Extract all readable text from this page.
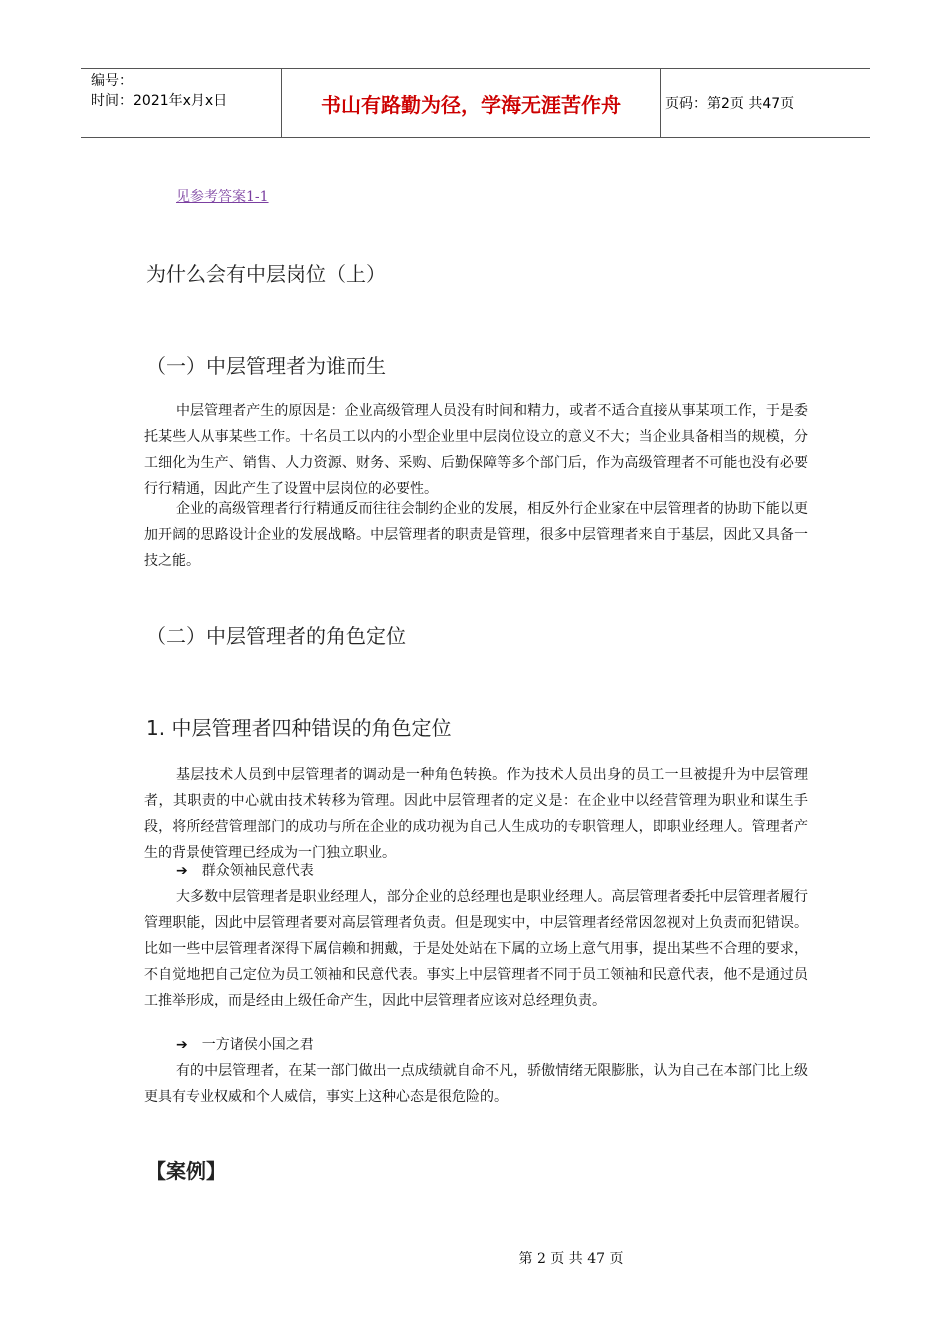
编号：
时间：2021年x月x日	书山有路勤为径，学海无涯苦作舟	页码：第2页 共47页
见参考答案1-1
为什么会有中层岗位（上）
（一）中层管理者为谁而生

中层管理者产生的原因是：企业高级管理人员没有时间和精力，或者不适合直接从事某项工作，于是委托某些人从事某些工作。十名员工以内的小型企业里中层岗位设立的意义不大；当企业具备相当的规模，分工细化为生产、销售、人力资源、财务、采购、后勤保障等多个部门后，作为高级管理者不可能也没有必要行行精通，因此产生了设置中层岗位的必要性。

企业的高级管理者行行精通反而往往会制约企业的发展，相反外行企业家在中层管理者的协助下能以更加开阔的思路设计企业的发展战略。中层管理者的职责是管理，很多中层管理者来自于基层，因此又具备一技之能。

（二）中层管理者的角色定位
1. 中层管理者四种错误的角色定位

基层技术人员到中层管理者的调动是一种角色转换。作为技术人员出身的员工一旦被提升为中层管理者，其职责的中心就由技术转移为管理。因此中层管理者的定义是：在企业中以经营管理为职业和谋生手段，将所经营管理部门的成功与所在企业的成功视为自己人生成功的专职管理人，即职业经理人。管理者产生的背景使管理已经成为一门独立职业。

➔ 群众领袖民意代表

大多数中层管理者是职业经理人，部分企业的总经理也是职业经理人。高层管理者委托中层管理者履行管理职能，因此中层管理者要对高层管理者负责。但是现实中，中层管理者经常因忽视对上负责而犯错误。比如一些中层管理者深得下属信赖和拥戴，于是处处站在下属的立场上意气用事，提出某些不合理的要求，不自觉地把自己定位为员工领袖和民意代表。事实上中层管理者不同于员工领袖和民意代表，他不是通过员工推举形成，而是经由上级任命产生，因此中层管理者应该对总经理负责。

➔ 一方诸侯小国之君

有的中层管理者，在某一部门做出一点成绩就自命不凡，骄傲情绪无限膨胀，认为自己在本部门比上级更具有专业权威和个人威信，事实上这种心态是很危险的。

【案例】
第 2 页 共 47 页
